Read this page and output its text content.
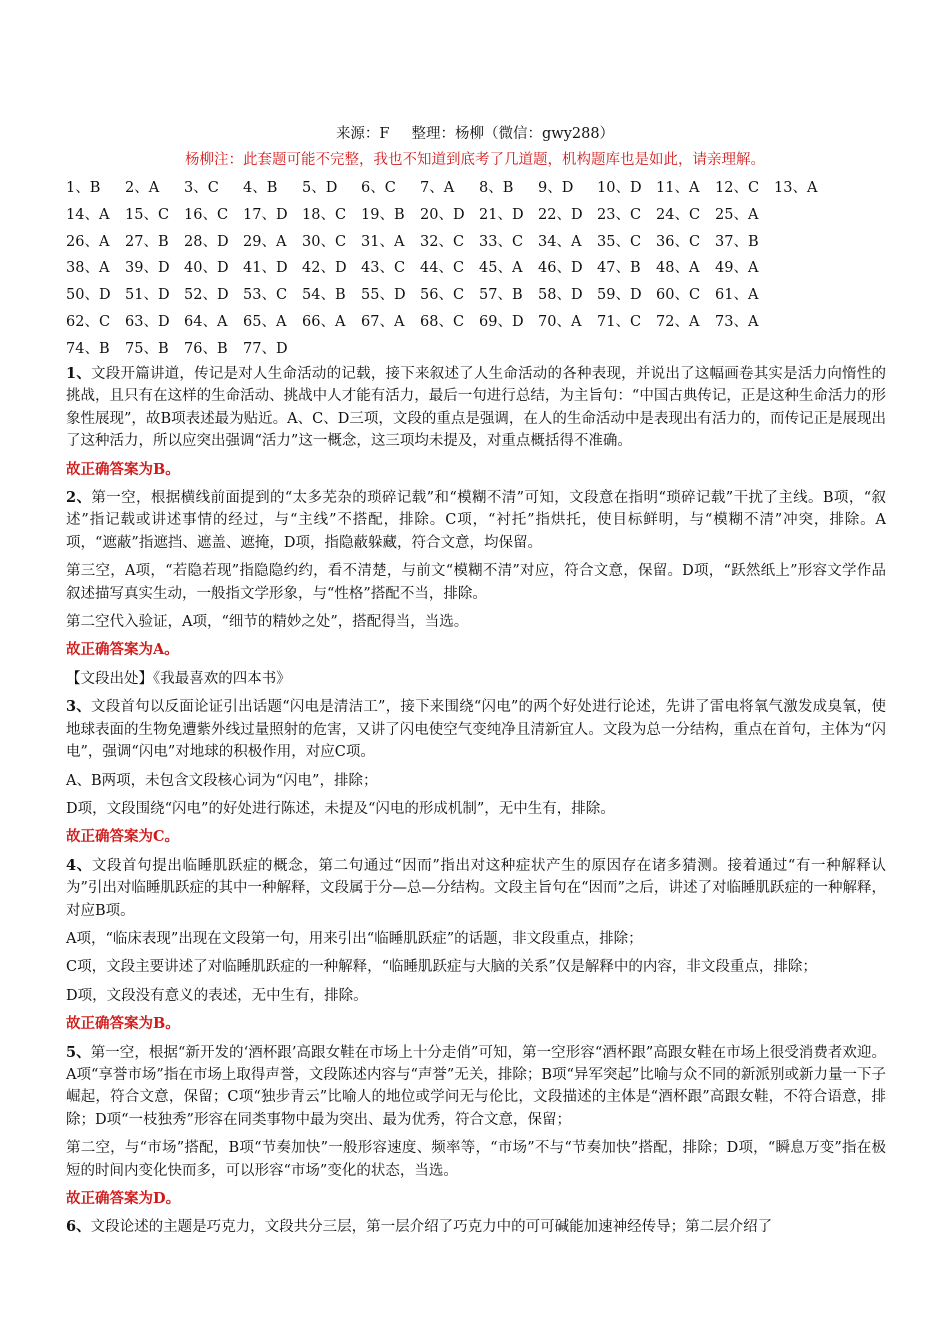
来源：F 整理：杨柳（微信：gwy288）
杨柳注：此套题可能不完整，我也不知道到底考了几道题，机构题库也是如此，请亲理解。
1、B 2、A 3、C 4、B 5、D 6、C 7、A 8、B 9、D 10、D 11、A 12、C 13、A
14、A 15、C 16、C 17、D 18、C 19、B 20、D 21、D 22、D 23、C 24、C 25、A
26、A 27、B 28、D 29、A 30、C 31、A 32、C 33、C 34、A 35、C 36、C 37、B
38、A 39、D 40、D 41、D 42、D 43、C 44、C 45、A 46、D 47、B 48、A 49、A
50、D 51、D 52、D 53、C 54、B 55、D 56、C 57、B 58、D 59、D 60、C 61、A
62、C 63、D 64、A 65、A 66、A 67、A 68、C 69、D 70、A 71、C 72、A 73、A
74、B 75、B 76、B 77、D
1、文段开篇讲道，传记是对人生命活动的记载，接下来叙述了人生命活动的各种表现，并说出了这幅画卷其实是活力向惰性的挑战，且只有在这样的生命活动、挑战中人才能有活力，最后一句进行总结，为主旨句：“中国古典传记，正是这种生命活力的形象性展现”，故B项表述最为贴近。A、C、D三项，文段的重点是强调，在人的生命活动中是表现出有活力的，而传记正是展现出了这种活力，所以应突出强调“活力”这一概念，这三项均未提及，对重点概括得不准确。
故正确答案为B。
2、第一空，根据横线前面提到的“太多芜杂的琐碎记载”和“模糊不清”可知，文段意在指明“琐碎记载”干扰了主线。B项，“叙述”指记载或讲述事情的经过，与“主线”不搭配，排除。C项，“衬托”指烘托，使目标鲜明，与“模糊不清”冲突，排除。A项，“遮蔽”指遮挡、遮盖、遮掩，D项，指隐蔽躲藏，符合文意，均保留。
第三空，A项，“若隐若现”指隐隐约约，看不清楚，与前文“模糊不清”对应，符合文意，保留。D项，“跃然纸上”形容文学作品叙述描写真实生动，一般指文学形象，与“性格”搭配不当，排除。
第二空代入验证，A项，“细节的精妙之处”，搭配得当，当选。
故正确答案为A。
【文段出处】《我最喜欢的四本书》
3、文段首句以反面论证引出话题“闪电是清洁工”，接下来围绕“闪电”的两个好处进行论述，先讲了雷电将氧气激发成臭氧，使地球表面的生物免遭紫外线过量照射的危害，又讲了闪电使空气变纯净且清新宜人。文段为总一分结构，重点在首句，主体为“闪电”，强调“闪电”对地球的积极作用，对应C项。
A、B两项，未包含文段核心词为“闪电”，排除；
D项，文段围绕“闪电”的好处进行陈述，未提及“闪电的形成机制”，无中生有，排除。
故正确答案为C。
4、文段首句提出临睡肌跃症的概念，第二句通过“因而”指出对这种症状产生的原因存在诸多猜测。接着通过“有一种解释认为”引出对临睡肌跃症的其中一种解释，文段属于分—总—分结构。文段主旨句在“因而”之后，讲述了对临睡肌跃症的一种解释，对应B项。
A项，“临床表现”出现在文段第一句，用来引出“临睡肌跃症”的话题，非文段重点，排除；
C项，文段主要讲述了对临睡肌跃症的一种解释，“临睡肌跃症与大脑的关系”仅是解释中的内容，非文段重点，排除；
D项，文段没有意义的表述，无中生有，排除。
故正确答案为B。
5、第一空，根据“新开发的‘酒杯跟’高跟女鞋在市场上十分走俏”可知，第一空形容“酒杯跟”高跟女鞋在市场上很受消费者欢迎。A项“享誉市场”指在市场上取得声誉，文段陈述内容与“声誉”无关，排除；B项“异军突起”比喻与众不同的新派别或新力量一下子崛起，符合文意，保留；C项“独步青云”比喻人的地位或学问无与伦比，文段描述的主体是“酒杯跟”高跟女鞋，不符合语意，排除；D项“一枝独秀”形容在同类事物中最为突出、最为优秀，符合文意，保留；
第二空，与“市场”搭配，B项“节奏加快”一般形容速度、频率等，“市场”不与“节奏加快”搭配，排除；D项，“瞬息万变”指在极短的时间内变化快而多，可以形容“市场”变化的状态，当选。
故正确答案为D。
6、文段论述的主题是巧克力，文段共分三层，第一层介绍了巧克力中的可可碱能加速神经传导；第二层介绍了
